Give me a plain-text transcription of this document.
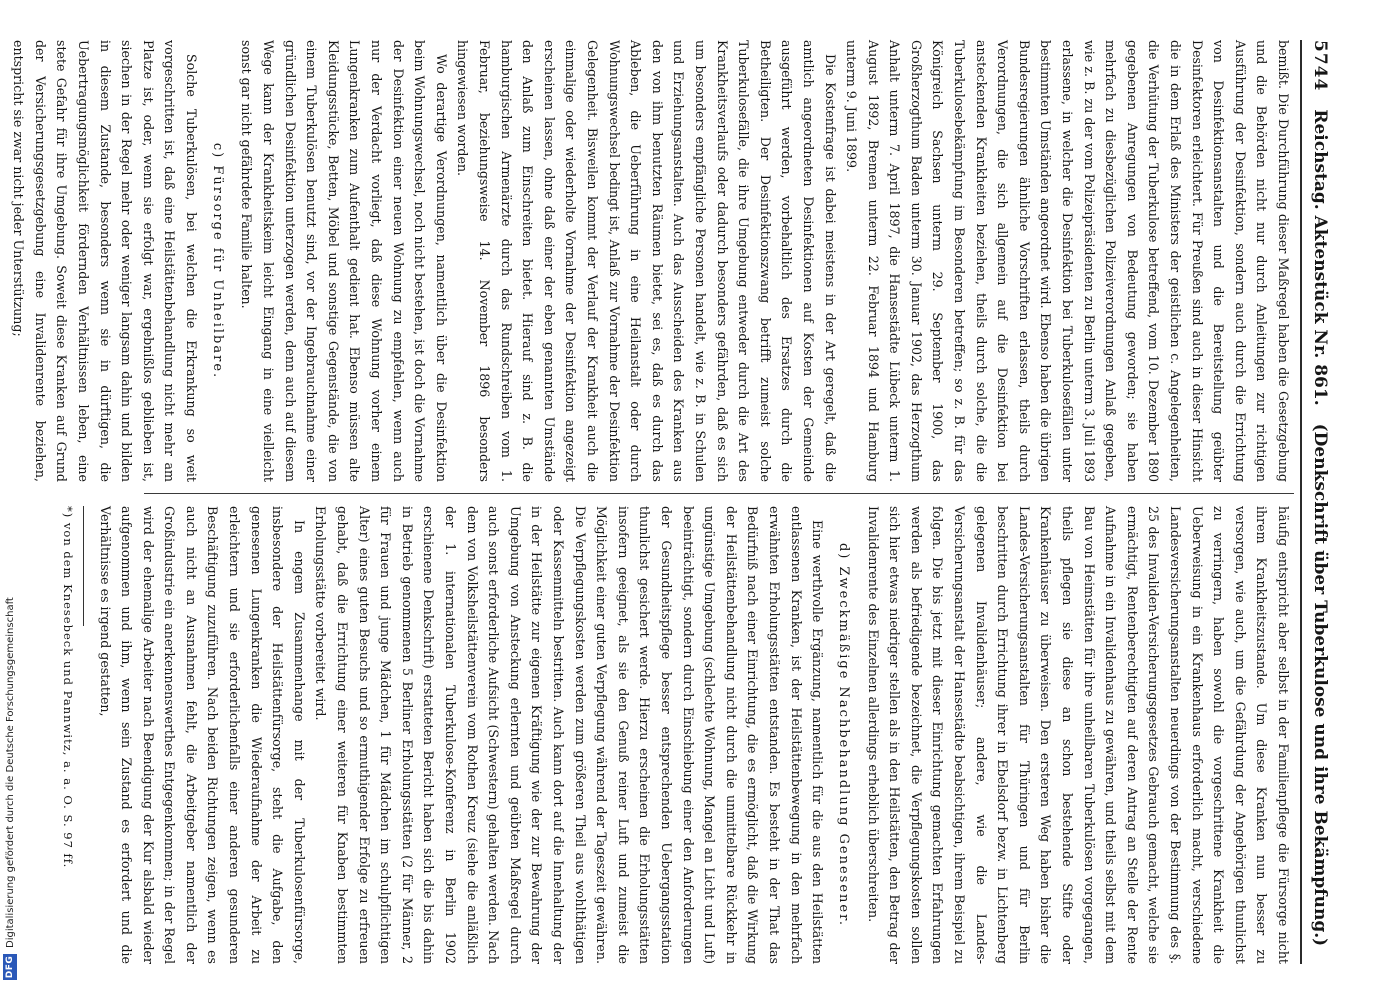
DFG
Digitalisierung gefördert durch die Deutsche Forschungsgemeinschaft
5744
Reichstag. Aktenstück Nr. 861.
(Denkschrift über Tuberkulose und ihre Bekämpfung.)

bemißt. Die Durchführung dieser Maßregel haben die Gesetzgebung und die Behörden nicht nur durch Anleitungen zur richtigen Ausführung der Desinfektion, sondern auch durch die Errichtung von Desinfektionsanstalten und die Bereitstellung geübter Desinfektoren erleichtert. Für Preußen sind auch in dieser Hinsicht die in dem Erlaß des Ministers der geistlichen c. Angelegenheiten, die Verhütung der Tuberkulose betreffend, vom 10. Dezember 1890 gegebenen Anregungen von Bedeutung geworden; sie haben mehrfach zu diesbezüglichen Polizeiverordnungen Anlaß gegeben, wie z. B. zu der vom Polizeipräsidenten zu Berlin unterm 3. Juli 1893 erlassene, in welcher die Desinfektion bei Tuberkulosefällen unter bestimmten Umständen angeordnet wird. Ebenso haben die übrigen Bundesregierungen ähnliche Vorschriften erlassen, theils durch Verordnungen, die sich allgemein auf die Desinfektion bei ansteckenden Krankheiten beziehen, theils durch solche, die die Tuberkulosebekämpfung im Besonderen betreffen; so z. B. für das Königreich Sachsen unterm 29. September 1900, das Großherzogthum Baden unterm 30. Januar 1902, das Herzogthum Anhalt unterm 7. April 1897, die Hansestädte Lübeck unterm 1. August 1892, Bremen unterm 22. Februar 1894 und Hamburg unterm 9. Juni 1899.

Die Kostenfrage ist dabei meistens in der Art geregelt, daß die amtlich angeordneten Desinfektionen auf Kosten der Gemeinde ausgeführt werden, vorbehaltlich des Ersatzes durch die Betheiligten. Der Desinfektionszwang betrifft zumeist solche Tuberkulosefälle, die ihre Umgebung entweder durch die Art des Krankheitsverlaufs oder dadurch besonders gefährden, daß es sich um besonders empfängliche Personen handelt, wie z. B. in Schulen und Erziehungsanstalten. Auch das Ausscheiden des Kranken aus den von ihm benutzten Räumen bietet, sei es, daß es durch das Ableben, die Ueberführung in eine Heilanstalt oder durch Wohnungswechsel bedingt ist, Anlaß zur Vornahme der Desinfektion Gelegenheit. Bisweilen kommt der Verlauf der Krankheit auch die einmalige oder wiederholte Vornahme der Desinfektion angezeigt erscheinen lassen, ohne daß einer der eben genannten Umstände den Anlaß zum Einschreiten bietet. Hierauf sind z. B. die hamburgischen Armenärzte durch das Rundschreiben vom 1. Februar, beziehungsweise 14. November 1896 besonders hingewiesen worden.

Wo derartige Verordnungen, namentlich über die Desinfektion beim Wohnungswechsel, noch nicht bestehen, ist doch die Vornahme der Desinfektion einer neuen Wohnung zu empfehlen, wenn auch nur der Verdacht vorliegt, daß diese Wohnung vorher einem Lungenkranken zum Aufenthalt gedient hat. Ebenso müssen alte Kleidungsstücke, Betten, Möbel und sonstige Gegenstände, die von einem Tuberkulösen benutzt sind, vor der Ingebrauchnahme einer gründlichen Desinfektion unterzogen werden, denn auch auf diesem Wege kann der Krankheitskeim leicht Eingang in eine vielleicht sonst gar nicht gefährdete Familie halten.

c) Fürsorge für Unheilbare.

Solche Tuberkulösen, bei welchen die Erkrankung so weit vorgeschritten ist, daß eine Heilstättenbehandlung nicht mehr am Platze ist, oder, wenn sie erfolgt war, ergebnißlos geblieben ist, siechen in der Regel mehr oder weniger langsam dahin und bilden in diesem Zustande, besonders wenn sie in dürftigen, die Uebertragungsmöglichkeit fördernden Verhältnissen leben, eine stete Gefahr für ihre Umgebung. Soweit diese Kranken auf Grund der Versicherungsgesetzgebung eine Invalidenrente beziehen, entspricht sie zwar nicht jeder Unterstützung;

häufig entspricht aber selbst in der Familienpflege die Fürsorge nicht ihrem Krankheitszustande. Um diese Kranken nun besser zu versorgen, wie auch, um die Gefährdung der Angehörigen thunlichst zu verringern, haben sowohl die vorgeschrittene Krankheit die Ueberweisung in ein Krankenhaus erforderlich macht, verschiedene Landesversicherungsanstalten neuerdings von der Bestimmung des §. 25 des Invaliden-Versicherungsgesetzes Gebrauch gemacht, welche sie ermächtigt, Rentenberechtigten auf deren Antrag an Stelle der Rente Aufnahme in ein Invalidenhaus zu gewähren, und theils selbst mit dem Bau von Heimstätten für ihre unheilbaren Tuberkulösen vorgegangen, theils pflegen sie diese an schon bestehende Stifte oder Krankenhäuser zu überweisen. Den ersteren Weg haben bisher die Landes-Versicherungsanstalten für Thüringen und für Berlin beschritten durch Errichtung ihrer in Ebelsdorf bezw. in Lichtenberg gelegenen Invalidenhäuser; andere, wie die Landes-Versicherungsanstalt der Hansestädte beabsichtigen, ihrem Beispiel zu folgen. Die bis jetzt mit dieser Einrichtung gemachten Erfahrungen werden als befriedigende bezeichnet, die Verpflegungskosten sollen sich hier etwas niedriger stellen als in den Heilstätten, den Betrag der Invalidenrente des Einzelnen allerdings erheblich überschreiten.

d) Zweckmäßige Nachbehandlung Genesener.

Eine werthvolle Ergänzung, namentlich für die aus den Heilstätten entlassenen Kranken, ist der Heilstättenbewegung in den mehrfach erwähnten Erholungsstätten entstanden. Es besteht in der That das Bedürfniß nach einer Einrichtung, die es ermöglicht, daß die Wirkung der Heilstättenbehandlung nicht durch die unmittelbare Rückkehr in ungünstige Umgebung (schlechte Wohnung, Mangel an Licht und Luft) beeinträchtigt, sondern durch Einschiebung einer den Anforderungen der Gesundheitspflege besser entsprechenden Uebergangsstation thunlichst gesichert werde. Hierzu erscheinen die Erholungsstätten insofern geeignet, als sie den Genuß reiner Luft und zumeist die Möglichkeit einer guten Verpflegung während der Tageszeit gewähren. Die Verpflegungskosten werden zum größeren Theil aus wohlthätigen oder Kassenmitteln bestritten. Auch kann dort auf die Innehaltung der in der Heilstätte zur eigenen Kräftigung wie der zur Bewahrung der Umgebung von Ansteckung erlernten und geübten Maßregel durch auch sonst erforderliche Aufsicht (Schwestern) gehalten werden. Nach dem von Volksheilstättenverein vom Rothen Kreuz (siehe die anläßlich der 1. internationalen Tuberkulose-Konferenz in Berlin 1902 erschienene Denkschrift) erstatteten Bericht haben sich die bis dahin in Betrieb genommenen 5 Berliner Erholungsstätten (2 für Männer, 2 für Frauen und junge Mädchen, 1 für Mädchen im schulpflichtigen Alter) eines guten Besuchs und so ermuthigender Erfolge zu erfreuen gehabt, daß die Errichtung einer weiteren für Knaben bestimmten Erholungsstätte vorbereitet wird.

In engem Zusammenhange mit der Tuberkulosenfürsorge, insbesondere der Heilstättenfürsorge, steht die Aufgabe, den genesenen Lungenkranken die Wiederaufnahme der Arbeit zu erleichtern und sie erforderlichenfalls einer anderen gesunderen Beschäftigung zuzuführen. Nach beiden Richtungen zeigen, wenn es auch nicht an Ausnahmen fehlt, die Arbeitgeber namentlich der Großindustrie ein anerkennenswerthes Entgegenkommen; in der Regel wird der ehemalige Arbeiter nach Beendigung der Kur alsbald wieder aufgenommen und ihm, wenn sein Zustand es erfordert und die Verhältnisse es irgend gestatten,

*) von dem Knesebeck und Pannwitz, a. a. O. S. 97 ff.
